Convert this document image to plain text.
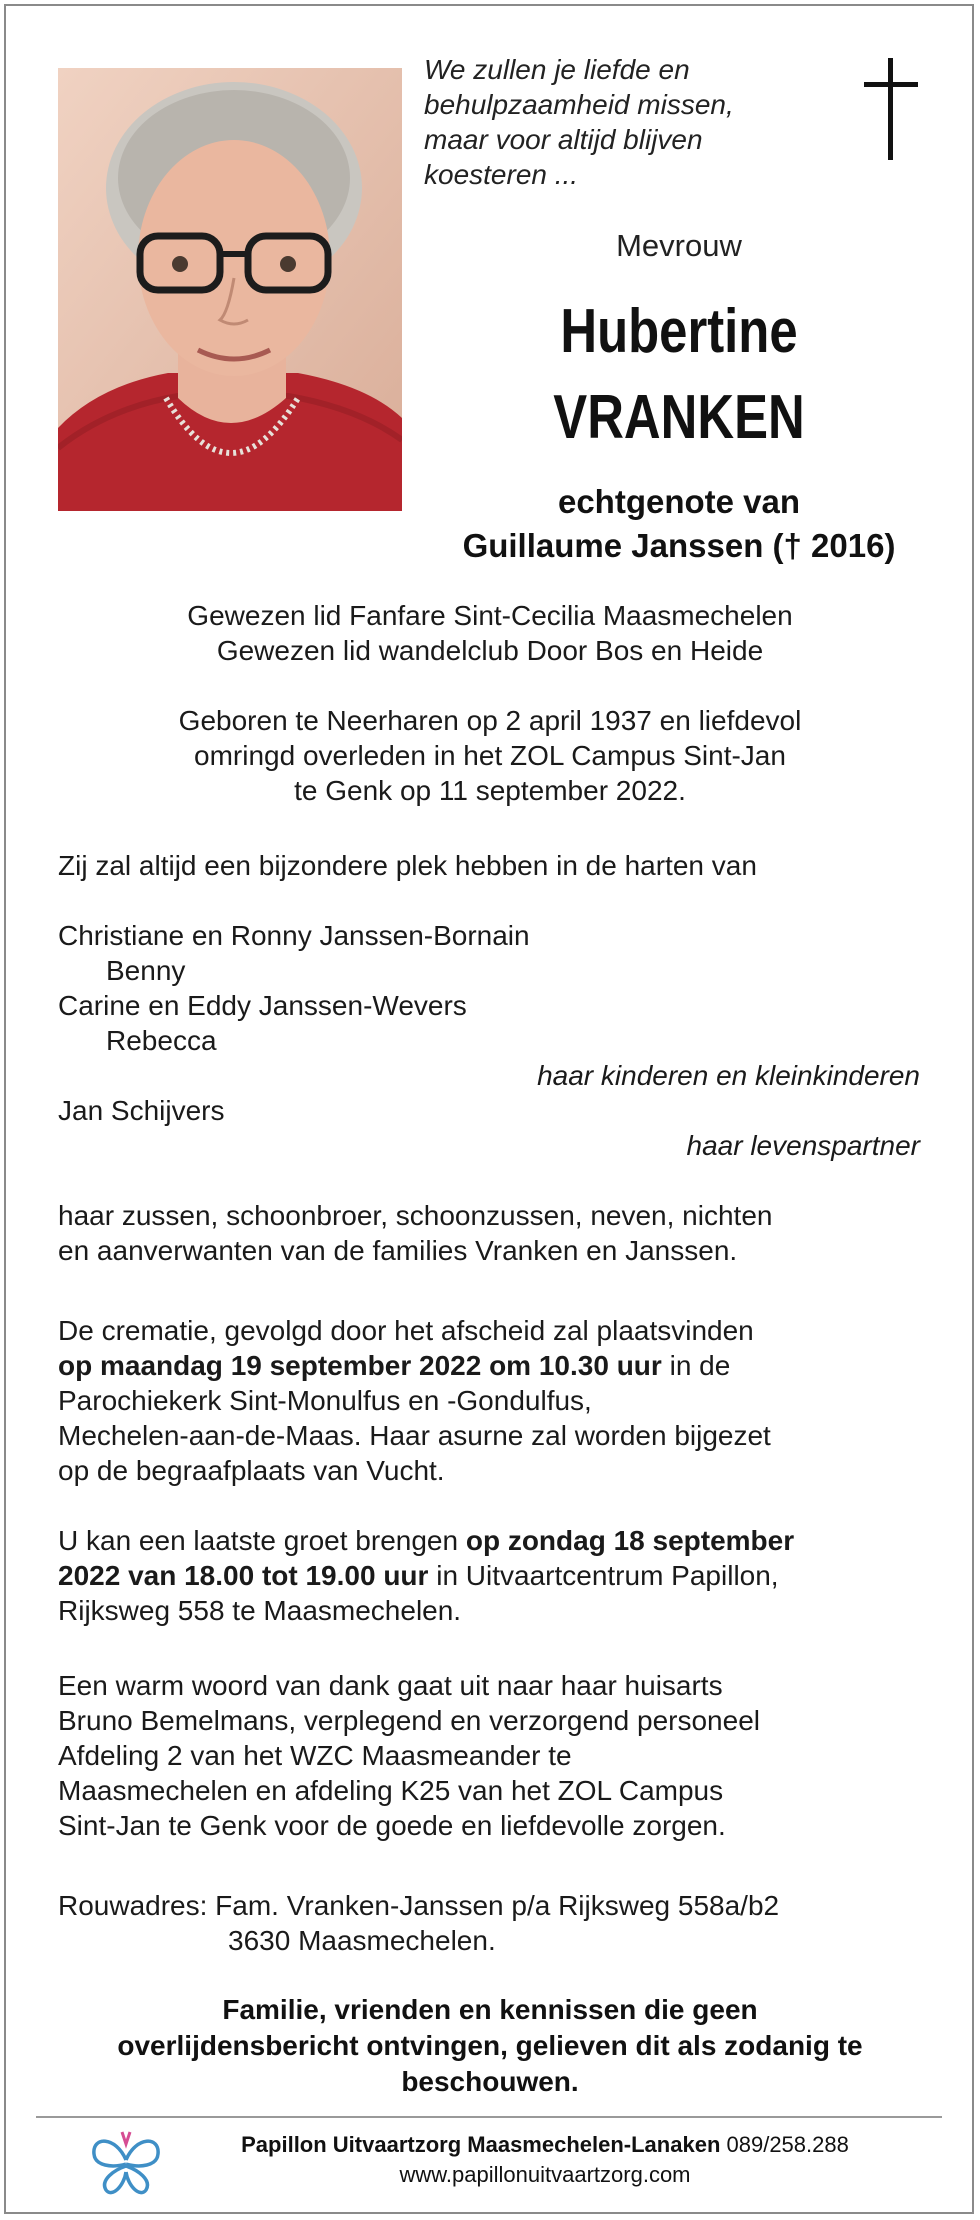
We zullen je liefde en
behulpzaamheid missen,
maar voor altijd blijven
koesteren ...
Mevrouw
Hubertine
VRANKEN
echtgenote van
Guillaume Janssen († 2016)
Gewezen lid Fanfare Sint-Cecilia Maasmechelen
Gewezen lid wandelclub Door Bos en Heide
Geboren te Neerharen op 2 april 1937 en liefdevol
omringd overleden in het ZOL Campus Sint-Jan
te Genk op 11 september 2022.
Zij zal altijd een bijzondere plek hebben in de harten van
Christiane en Ronny Janssen-Bornain
Benny
Carine en Eddy Janssen-Wevers
Rebecca
haar kinderen en kleinkinderen
Jan Schijvers
haar levenspartner
haar zussen, schoonbroer, schoonzussen, neven, nichten
en aanverwanten van de families Vranken en Janssen.
De crematie, gevolgd door het afscheid zal plaatsvinden
op maandag 19 september 2022 om 10.30 uur in de
Parochiekerk Sint-Monulfus en -Gondulfus,
Mechelen-aan-de-Maas. Haar asurne zal worden bijgezet
op de begraafplaats van Vucht.
U kan een laatste groet brengen op zondag 18 september
2022 van 18.00 tot 19.00 uur in Uitvaartcentrum Papillon,
Rijksweg 558 te Maasmechelen.
Een warm woord van dank gaat uit naar haar huisarts
Bruno Bemelmans, verplegend en verzorgend personeel
Afdeling 2 van het WZC Maasmeander te
Maasmechelen en afdeling K25 van het ZOL Campus
Sint-Jan te Genk voor de goede en liefdevolle zorgen.
Rouwadres: Fam. Vranken-Janssen p/a Rijksweg 558a/b2
3630 Maasmechelen.
Familie, vrienden en kennissen die geen
overlijdensbericht ontvingen, gelieven dit als zodanig te
beschouwen.
Papillon Uitvaartzorg Maasmechelen-Lanaken 089/258.288
www.papillonuitvaartzorg.com
